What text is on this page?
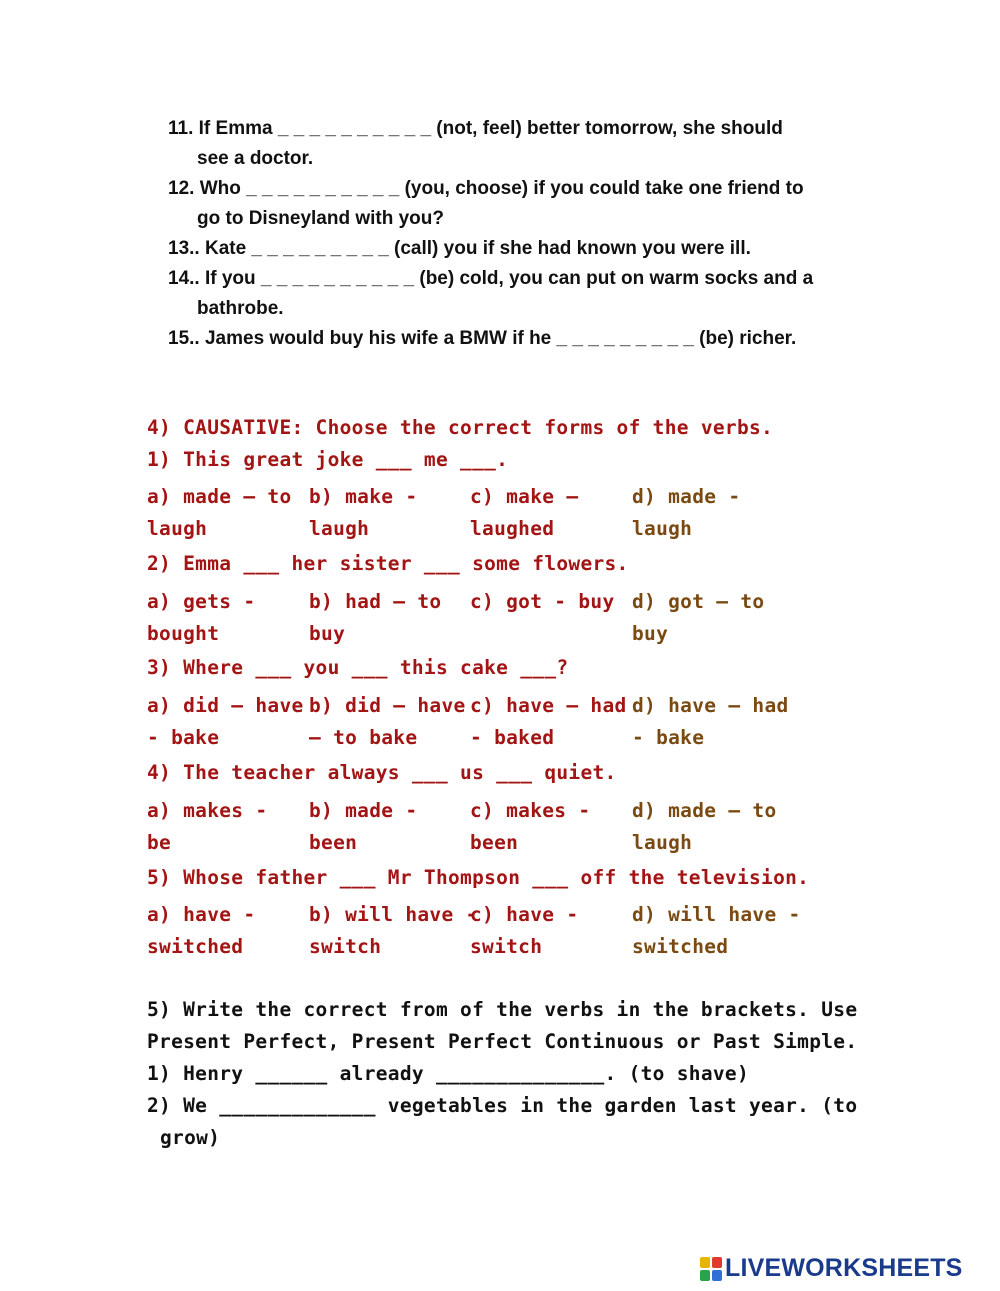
11. If Emma _ _ _ _ _ _ _ _ _ _ (not, feel) better tomorrow, she should
see a doctor.
12. Who _ _ _ _ _ _ _ _ _ _ (you, choose) if you could take one friend to
go to Disneyland with you?
13.. Kate _ _ _ _ _ _ _ _ _ (call) you if she had known you were ill.
14.. If you _ _ _ _ _ _ _ _ _ _ (be) cold, you can put on warm socks and a
bathrobe.
15.. James would buy his wife a BMW if he _ _ _ _ _ _ _ _ _ (be) richer.
4) CAUSATIVE: Choose the correct forms of the verbs.
1) This great joke ___ me ___.
a) made – to
laugh
b) make -
laugh
c) make –
laughed
d) made -
laugh
2) Emma ___ her sister ___ some flowers.
a) gets -
bought
b) had – to
buy
c) got - buy d) got – to
buy
3) Where ___ you ___ this cake ___?
a) did – have
- bake
b) did – have
– to bake
c) have – had
- baked
d) have – had
- bake
4) The teacher always ___ us ___ quiet.
a) makes -
be
b) made -
been
c) makes -
been
d) made – to
laugh
5) Whose father ___ Mr Thompson ___ off the television.
a) have -
switched
b) will have -
switch
c) have -
switch
d) will have -
switched
5) Write the correct from of the verbs in the brackets. Use
Present Perfect, Present Perfect Continuous or Past Simple.
1) Henry ______ already ______________. (to shave)
2) We _____________ vegetables in the garden last year. (to
grow)
LIVEWORKSHEETS
